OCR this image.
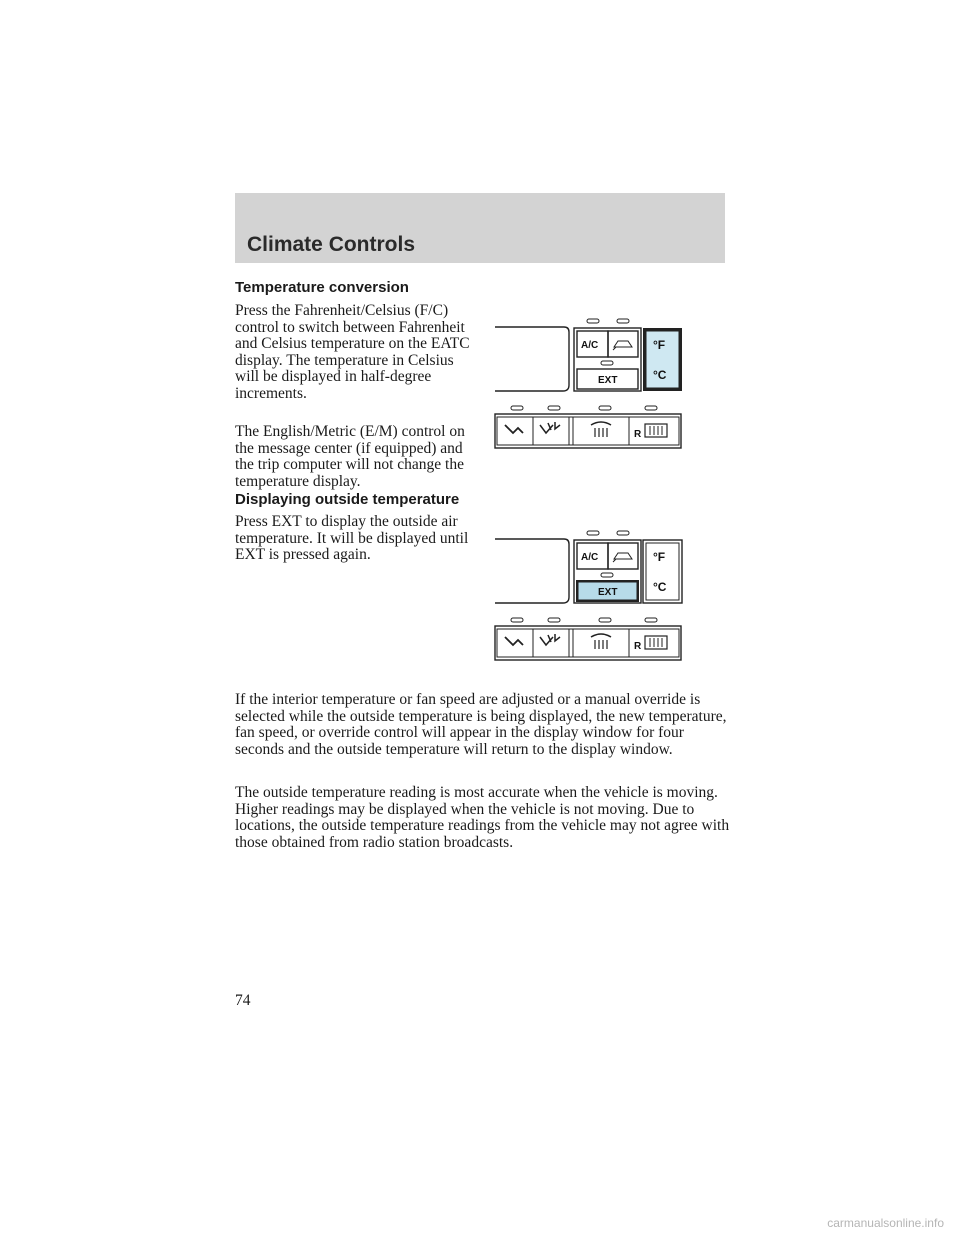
Climate Controls
Temperature conversion

Press the Fahrenheit/Celsius (F/C) control to switch between Fahrenheit and Celsius temperature on the EATC display. The temperature in Celsius will be displayed in half-degree increments.

The English/Metric (E/M) control on the message center (if equipped) and the trip computer will not change the temperature display.

A/C
EXT
°F
°C
R
Displaying outside temperature

Press EXT to display the outside air temperature. It will be displayed until EXT is pressed again.	A/C
EXT
°F
°C
R

If the interior temperature or fan speed are adjusted or a manual override is selected while the outside temperature is being displayed, the new temperature, fan speed, or override control will appear in the display window for four seconds and the outside temperature will return to the display window.

The outside temperature reading is most accurate when the vehicle is moving. Higher readings may be displayed when the vehicle is not moving. Due to locations, the outside temperature readings from the vehicle may not agree with those obtained from radio station broadcasts.

74
carmanualsonline.info
